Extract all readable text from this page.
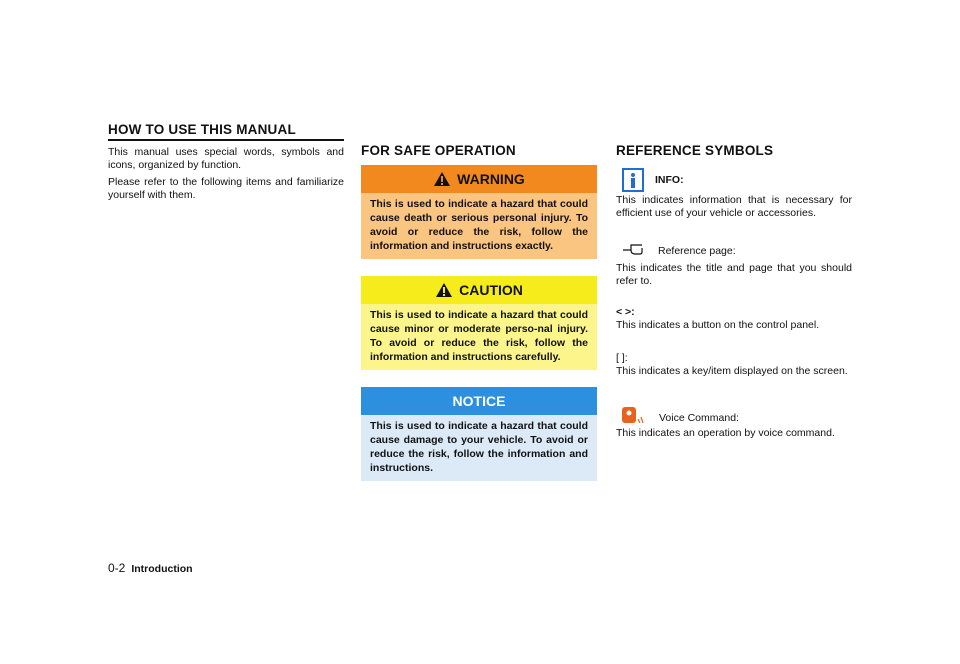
HOW TO USE THIS MANUAL

This manual uses special words, symbols and icons, organized by function.

Please refer to the following items and familiarize yourself with them.

FOR SAFE OPERATION
WARNING
This is used to indicate a hazard that could cause death or serious personal injury. To avoid or reduce the risk, follow the information and instructions exactly.
CAUTION
This is used to indicate a hazard that could cause minor or moderate perso-nal injury. To avoid or reduce the risk, follow the information and instructions carefully.
NOTICE
This is used to indicate a hazard that could cause damage to your vehicle. To avoid or reduce the risk, follow the information and instructions.
REFERENCE SYMBOLS
INFO:

This indicates information that is necessary for efficient use of your vehicle or accessories.

Reference page:

This indicates the title and page that you should refer to.

< >:

This indicates a button on the control panel.

[ ]:

This indicates a key/item displayed on the screen.

Voice Command:

This indicates an operation by voice command.

0-2 Introduction
